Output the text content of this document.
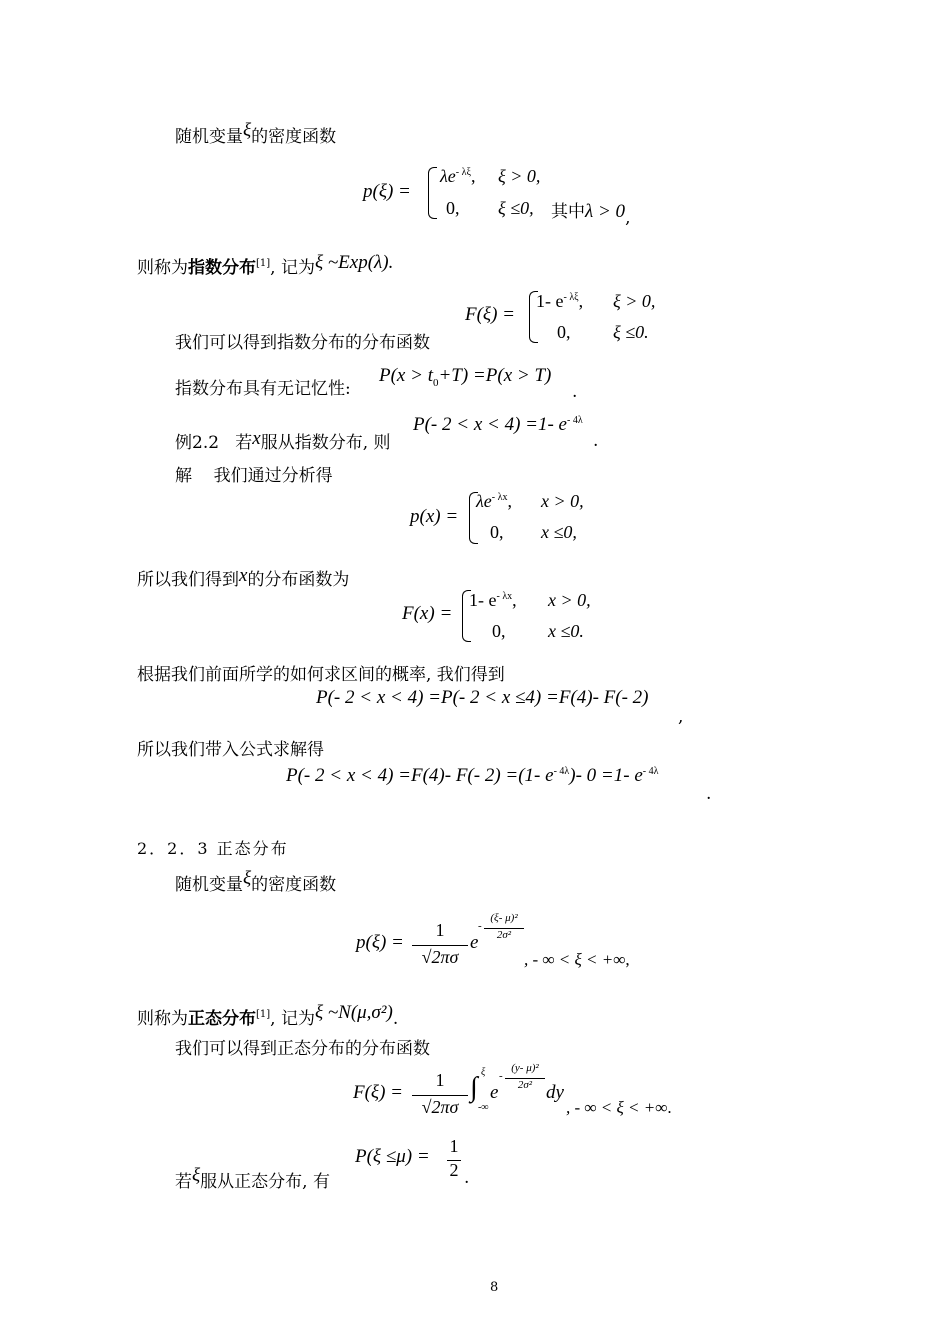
随机变量ξ的密度函数
p(ξ) =
$\lambda e^{- \lambda\xi}$, ξ > 0,
0, ξ ≤0, 其中λ > 0,
则称为指数分布[1], 记为ξ ~Exp(λ).
F(ξ) =
1- $e^{- \lambda\xi}$, ξ > 0,
0, ξ ≤0.
我们可以得到指数分布的分布函数
指数分布具有无记忆性:
$P(x > t_0+T) =P(x > T)$
.
例2.2 若x服从指数分布, 则
P(- 2 < x < 4) =1- $e^{- 4\lambda}$
.
解 我们通过分析得
p(x) =
$\lambda e^{- \lambda x}$, x > 0,
0, x ≤0,
所以我们得到x的分布函数为
F(x) =
1- $e^{- \lambda x}$, x > 0,
0, x ≤0.
根据我们前面所学的如何求区间的概率, 我们得到
P(- 2 < x < 4) =P(- 2 < x ≤4) =F(4)- F(- 2)
,
所以我们带入公式求解得
P(- 2 < x < 4) =F(4)- F(- 2) =(1- $e^{- 4\lambda})-$ 0 =1- $e^{- 4\lambda}$
.
2．2．3 正态分布
随机变量ξ的密度函数
p(ξ) =
1
√2πσ
e
-
(ξ- μ)²
2σ²
, - ∞ < ξ < +∞,
则称为正态分布[1], 记为ξ ~N(μ,σ²).
我们可以得到正态分布的分布函数
F(ξ) =
1
√2πσ
∫ ξ
-∞
e
-
(y- μ)²
2σ² dy
, - ∞ < ξ < +∞.
若ξ服从正态分布, 有
P(ξ ≤μ) = 1
2 .
8
